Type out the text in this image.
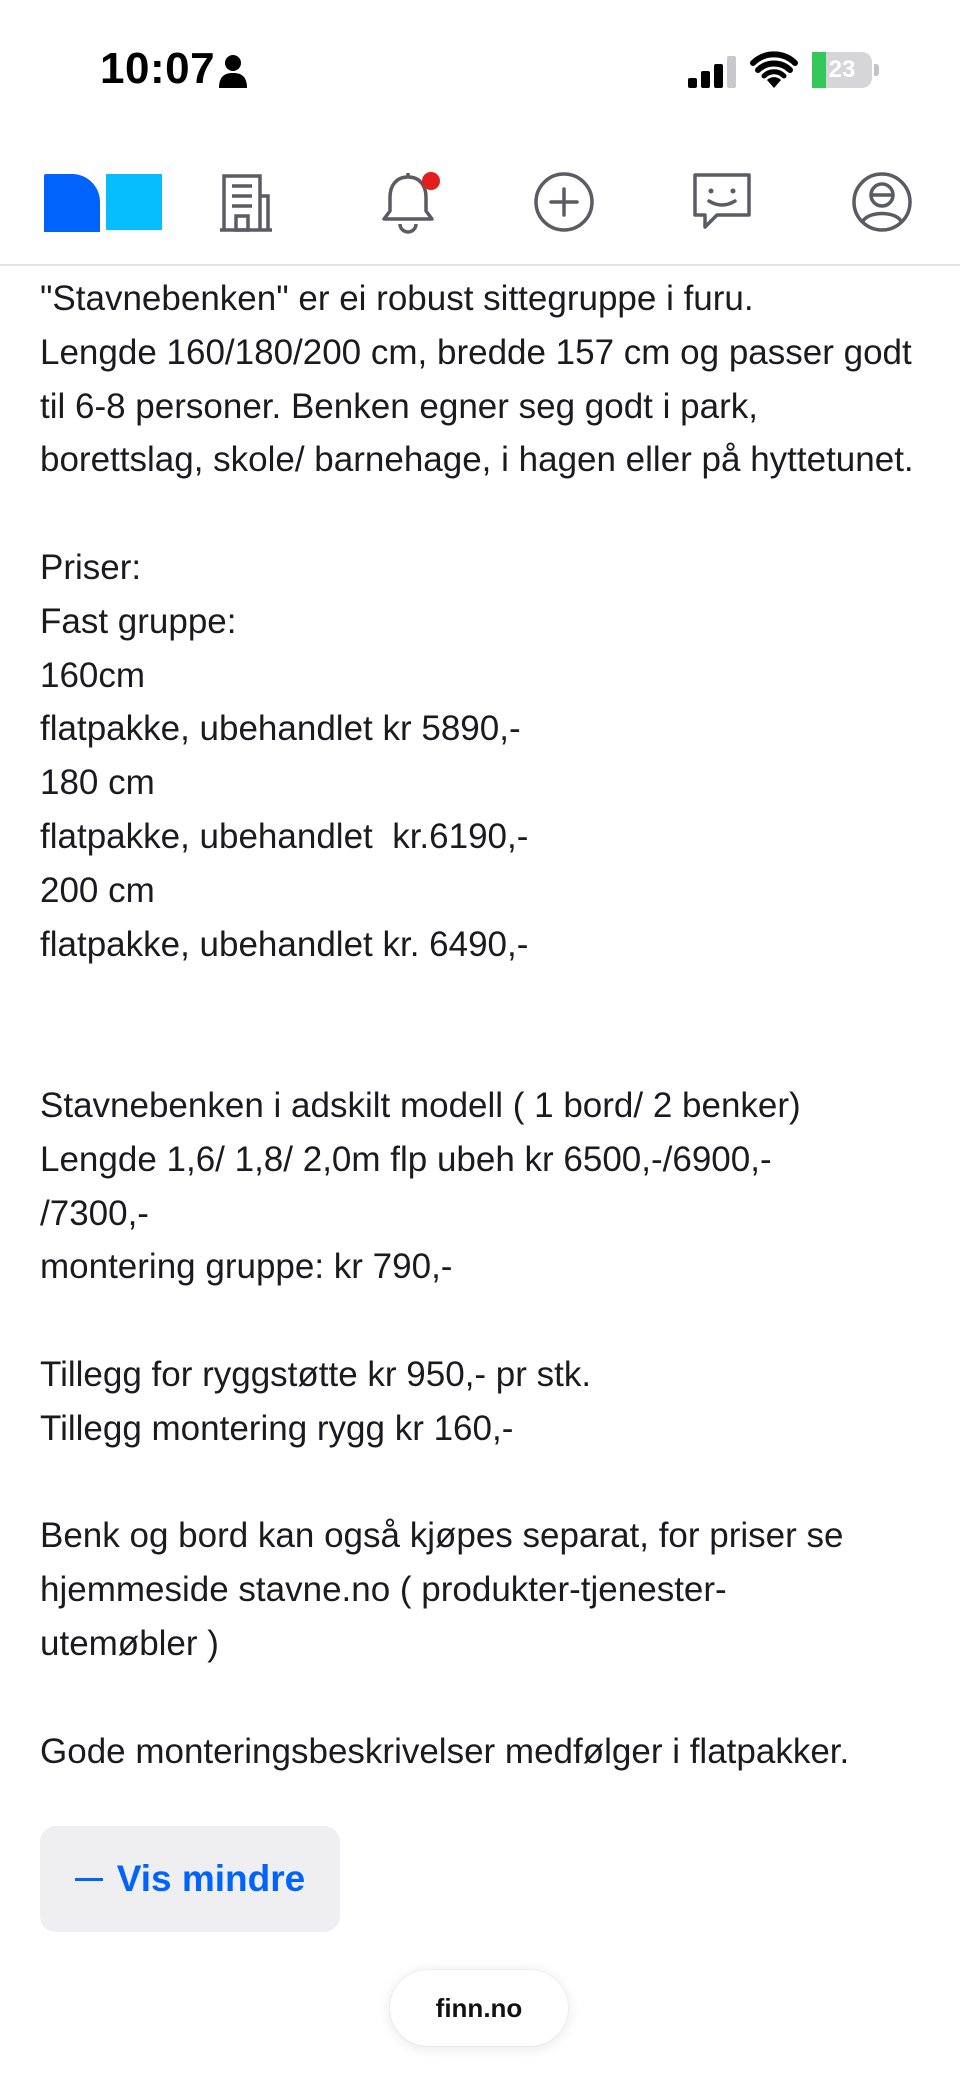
10:07	23
"Stavnebenken" er ei robust sittegruppe i furu.
Lengde 160/180/200 cm, bredde 157 cm og passer godt til 6-8 personer. Benken egner seg godt i park, borettslag, skole/ barnehage, i hagen eller på hyttetunet.

Priser:
Fast gruppe:
160cm
flatpakke, ubehandlet kr 5890,-
180 cm
flatpakke, ubehandlet  kr.6190,-
200 cm
flatpakke, ubehandlet kr. 6490,-

Stavnebenken i adskilt modell ( 1 bord/ 2 benker)
Lengde 1,6/ 1,8/ 2,0m flp ubeh kr 6500,-/6900,-
/7300,-
montering gruppe: kr 790,-

Tillegg for ryggstøtte kr 950,- pr stk.
Tillegg montering rygg kr 160,-

Benk og bord kan også kjøpes separat, for priser se hjemmeside stavne.no ( produkter-tjenester-
utemøbler )

Gode monteringsbeskrivelser medfølger i flatpakker.
Vis mindre
finn.no
